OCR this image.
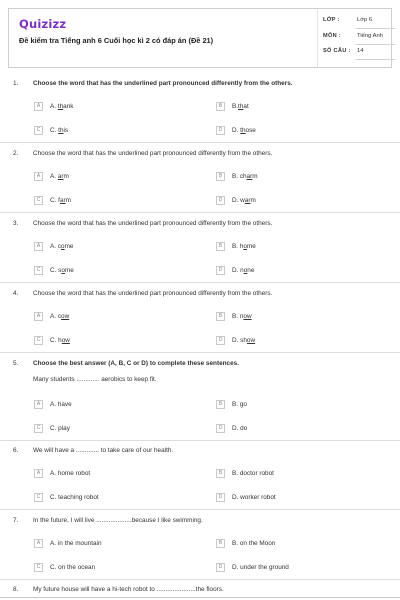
Quizizz
Đề kiểm tra Tiếng anh 6 Cuối học kì 2 có đáp án (Đề 21)
LỚP :	Lớp 6
MÔN :	Tiếng Anh
SỐ CÂU : 14
1. Choose the word that has the underlined part pronounced differently from the others.
A	A. thank	B	B.that
C	C. this	D	D. those
2. Choose the word that has the underlined part pronounced differently from the others.
A	A. arm	B	B. charm
C	C. farm	D	D. warm
3. Choose the word that has the underlined part pronounced differently from the others.
A	A. come	B	B. home
C	C. some	D	D. none
4. Choose the word that has the underlined part pronounced differently from the others.
A	A. cow	B	B. now
C	C. how	D	D. show
5. Choose the best answer (A, B, C or D) to complete these sentences.
Many students ............. aerobics to keep fit.
A	A. have	B	B. go
C	C. play	D	D. do
6. We will have a ............. to take care of our health.
A	A. home robot	B	B. doctor robot
C	C. teaching robot	D	D. worker robot
7. In the future, I will live ....................because I like swimming.
A	A. in the mountain	B	B. on the Moon
C	C. on the ocean	D	D. under the ground
8. My future house will have a hi-tech robot to ......................the floors.
